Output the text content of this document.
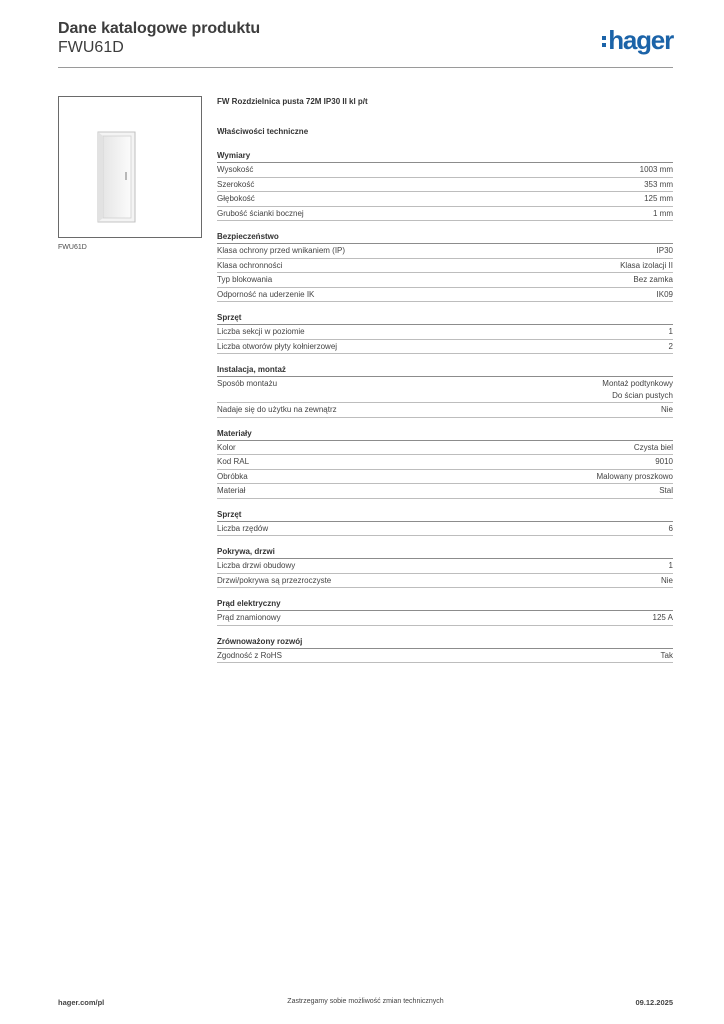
Dane katalogowe produktu
FWU61D	hager
FWU61D
FW Rozdzielnica pusta 72M IP30 II kl p/t
Właściwości techniczne
Wymiary
Wysokość	1003 mm
Szerokość	353 mm
Głębokość	125 mm
Grubość ścianki bocznej	1 mm
Bezpieczeństwo
Klasa ochrony przed wnikaniem (IP)	IP30
Klasa ochronności	Klasa izolacji II
Typ blokowania	Bez zamka
Odporność na uderzenie IK	IK09
Sprzęt
Liczba sekcji w poziomie	1
Liczba otworów płyty kołnierzowej	2
Instalacja, montaż
Sposób montażu	Montaż podtynkowy
Do ścian pustych
Nadaje się do użytku na zewnątrz	Nie
Materiały
Kolor	Czysta biel
Kod RAL	9010
Obróbka	Malowany proszkowo
Materiał	Stal
Sprzęt
Liczba rzędów	6
Pokrywa, drzwi
Liczba drzwi obudowy	1
Drzwi/pokrywa są przezroczyste	Nie
Prąd elektryczny
Prąd znamionowy	125 A
Zrównoważony rozwój
Zgodność z RoHS	Tak
hager.com/pl	Zastrzegamy sobie możliwość zmian technicznych	09.12.2025
